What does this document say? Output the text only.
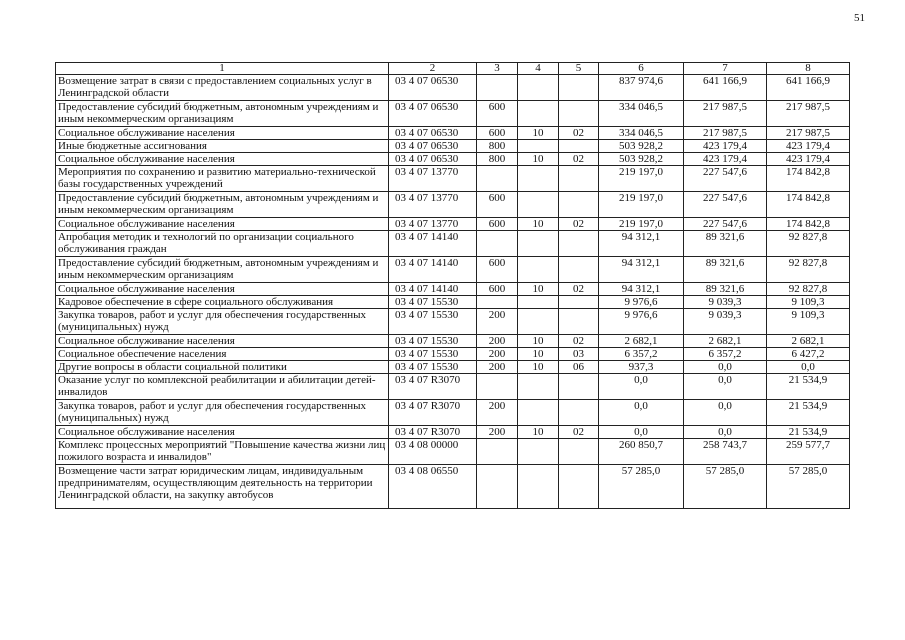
51
1	2	3	4	5	6	7	8
Возмещение затрат в связи с предоставлением социальных услуг в Ленинградской области	03 4 07 06530				837 974,6	641 166,9	641 166,9
Предоставление субсидий бюджетным, автономным учреждениям и иным некоммерческим организациям	03 4 07 06530	600			334 046,5	217 987,5	217 987,5
Социальное обслуживание населения	03 4 07 06530	600	10	02	334 046,5	217 987,5	217 987,5
Иные бюджетные ассигнования	03 4 07 06530	800			503 928,2	423 179,4	423 179,4
Социальное обслуживание населения	03 4 07 06530	800	10	02	503 928,2	423 179,4	423 179,4
Мероприятия по сохранению и развитию материально-технической базы государственных учреждений	03 4 07 13770				219 197,0	227 547,6	174 842,8
Предоставление субсидий бюджетным, автономным учреждениям и иным некоммерческим организациям	03 4 07 13770	600			219 197,0	227 547,6	174 842,8
Социальное обслуживание населения	03 4 07 13770	600	10	02	219 197,0	227 547,6	174 842,8
Апробация методик и технологий по организации социального обслуживания граждан	03 4 07 14140				94 312,1	89 321,6	92 827,8
Предоставление субсидий бюджетным, автономным учреждениям и иным некоммерческим организациям	03 4 07 14140	600			94 312,1	89 321,6	92 827,8
Социальное обслуживание населения	03 4 07 14140	600	10	02	94 312,1	89 321,6	92 827,8
Кадровое обеспечение в сфере социального обслуживания	03 4 07 15530				9 976,6	9 039,3	9 109,3
Закупка товаров, работ и услуг для обеспечения государственных (муниципальных) нужд	03 4 07 15530	200			9 976,6	9 039,3	9 109,3
Социальное обслуживание населения	03 4 07 15530	200	10	02	2 682,1	2 682,1	2 682,1
Социальное обеспечение населения	03 4 07 15530	200	10	03	6 357,2	6 357,2	6 427,2
Другие вопросы в области социальной политики	03 4 07 15530	200	10	06	937,3	0,0	0,0
Оказание услуг по комплексной реабилитации и абилитации детей-инвалидов	03 4 07 R3070				0,0	0,0	21 534,9
Закупка товаров, работ и услуг для обеспечения государственных (муниципальных) нужд	03 4 07 R3070	200			0,0	0,0	21 534,9
Социальное обслуживание населения	03 4 07 R3070	200	10	02	0,0	0,0	21 534,9
Комплекс процессных мероприятий "Повышение качества жизни лиц пожилого возраста и инвалидов"	03 4 08 00000				260 850,7	258 743,7	259 577,7
Возмещение части затрат юридическим лицам, индивидуальным предпринимателям, осуществляющим деятельность на территории Ленинградской области, на закупку автобусов	03 4 08 06550				57 285,0	57 285,0	57 285,0
